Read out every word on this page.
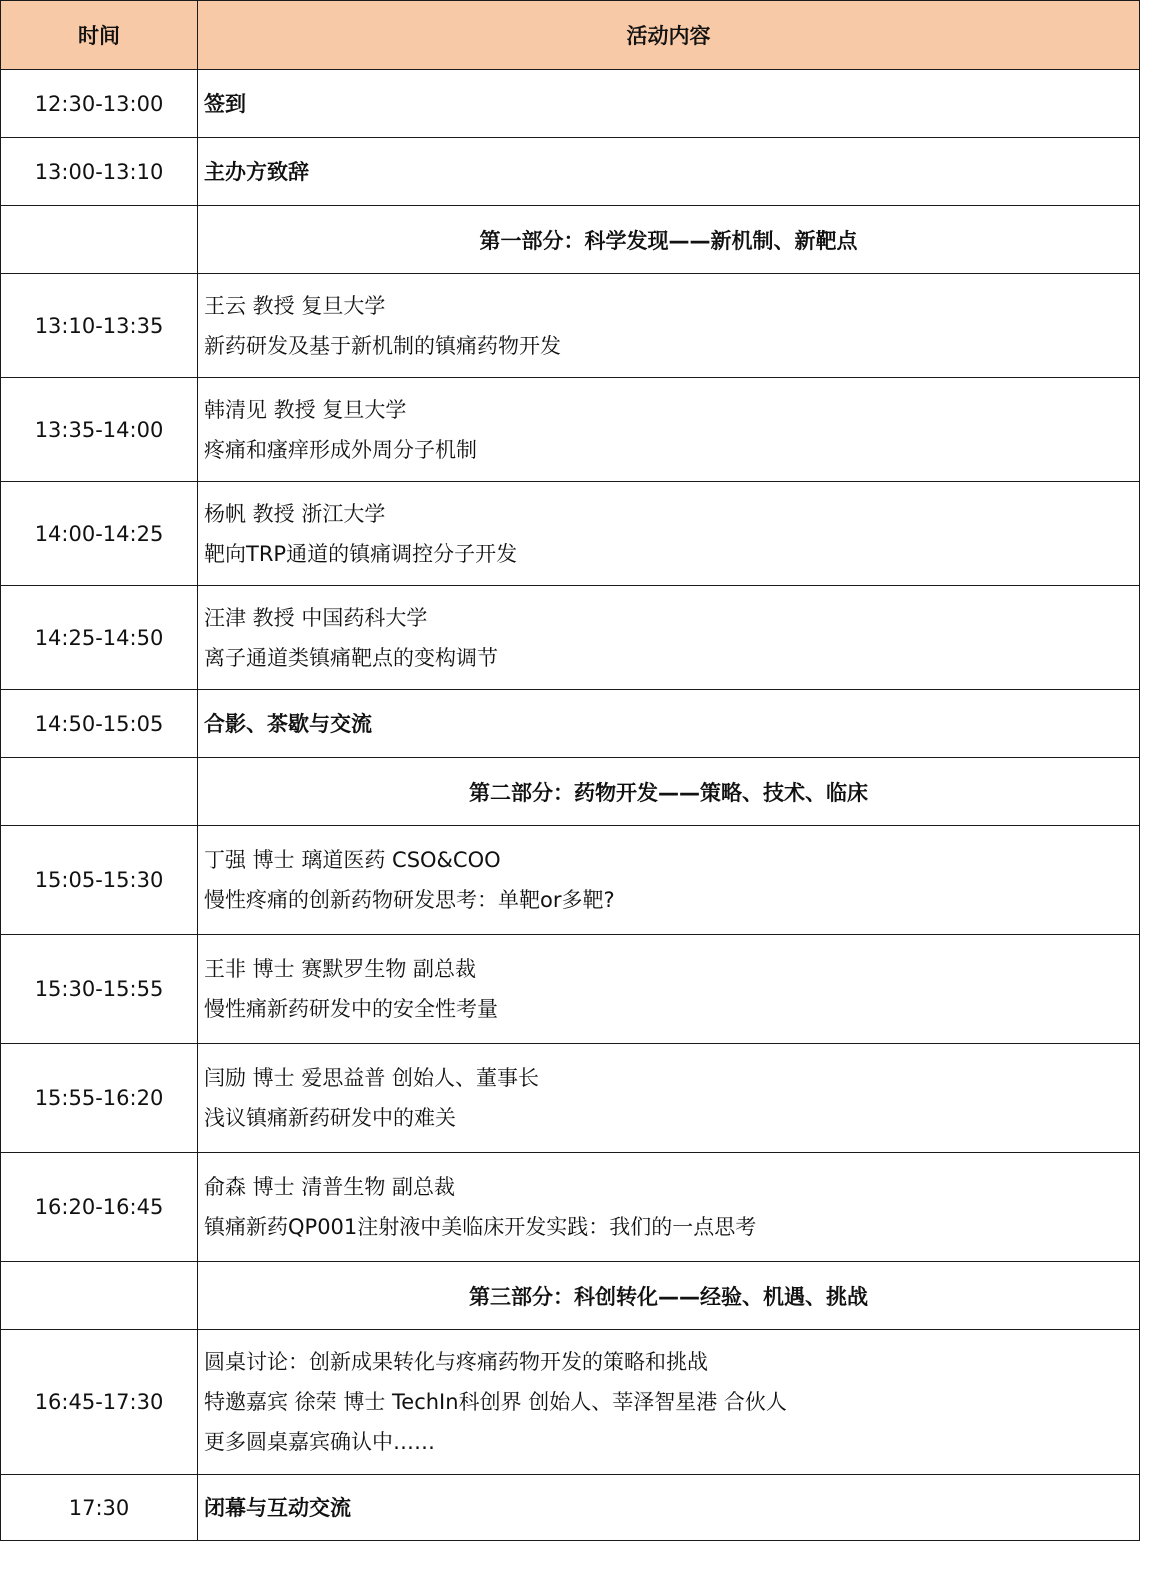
时间	活动内容
12:30-13:00	签到

13:00-13:10	主办方致辞

	第一部分：科学发现——新机制、新靶点
13:10-13:35	王云 教授 复旦大学
新药研发及基于新机制的镇痛药物开发

13:35-14:00	韩清见 教授 复旦大学
疼痛和瘙痒形成外周分子机制

14:00-14:25	杨帆 教授 浙江大学
靶向TRP通道的镇痛调控分子开发

14:25-14:50	汪津 教授 中国药科大学
离子通道类镇痛靶点的变构调节

14:50-15:05	合影、茶歇与交流

	第二部分：药物开发——策略、技术、临床
15:05-15:30	丁强 博士 璃道医药 CSO&COO
慢性疼痛的创新药物研发思考：单靶or多靶?

15:30-15:55	王非 博士 赛默罗生物 副总裁
慢性痛新药研发中的安全性考量

15:55-16:20	闫励 博士 爱思益普 创始人、董事长
浅议镇痛新药研发中的难关

16:20-16:45	俞森 博士 清普生物 副总裁
镇痛新药QP001注射液中美临床开发实践：我们的一点思考

	第三部分：科创转化——经验、机遇、挑战
16:45-17:30	圆桌讨论：创新成果转化与疼痛药物开发的策略和挑战
特邀嘉宾 徐荣 博士 TechIn科创界 创始人、莘泽智星港 合伙人
更多圆桌嘉宾确认中……

17:30	闭幕与互动交流
